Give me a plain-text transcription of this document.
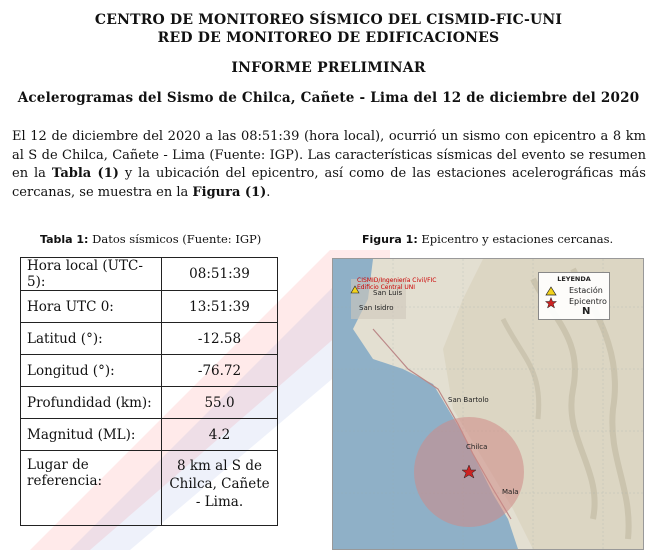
CENTRO DE MONITOREO SÍSMICO DEL CISMID-FIC-UNI
RED DE MONITOREO DE EDIFICACIONES
INFORME PRELIMINAR
Acelerogramas del Sismo de Chilca, Cañete - Lima del 12 de diciembre del 2020
El 12 de diciembre del 2020 a las 08:51:39 (hora local), ocurrió un sismo con epicentro a 8 km al S de Chilca, Cañete - Lima (Fuente: IGP). Las características sísmicas del evento se resumen en la Tabla (1) y la ubicación del epicentro, así como de las estaciones acelerográficas más cercanas, se muestra en la Figura (1).
Tabla 1: Datos sísmicos (Fuente: IGP)	Figura 1: Epicentro y estaciones cercanas.
Hora local (UTC-5):	08:51:39
Hora UTC 0:	13:51:39
Latitud (°):	-12.58
Longitud (°):	-76.72
Profundidad (km):	55.0
Magnitud (ML):	4.2
Lugar de referencia:	8 km al S de Chilca, Cañete - Lima.
CISMID/Ingeniería Civil/FIC
Edificio Central UNI
San Luis
San Isidro
San Bartolo
Chilca
Mala
LEYENDA
Estación
Epicentro
N
